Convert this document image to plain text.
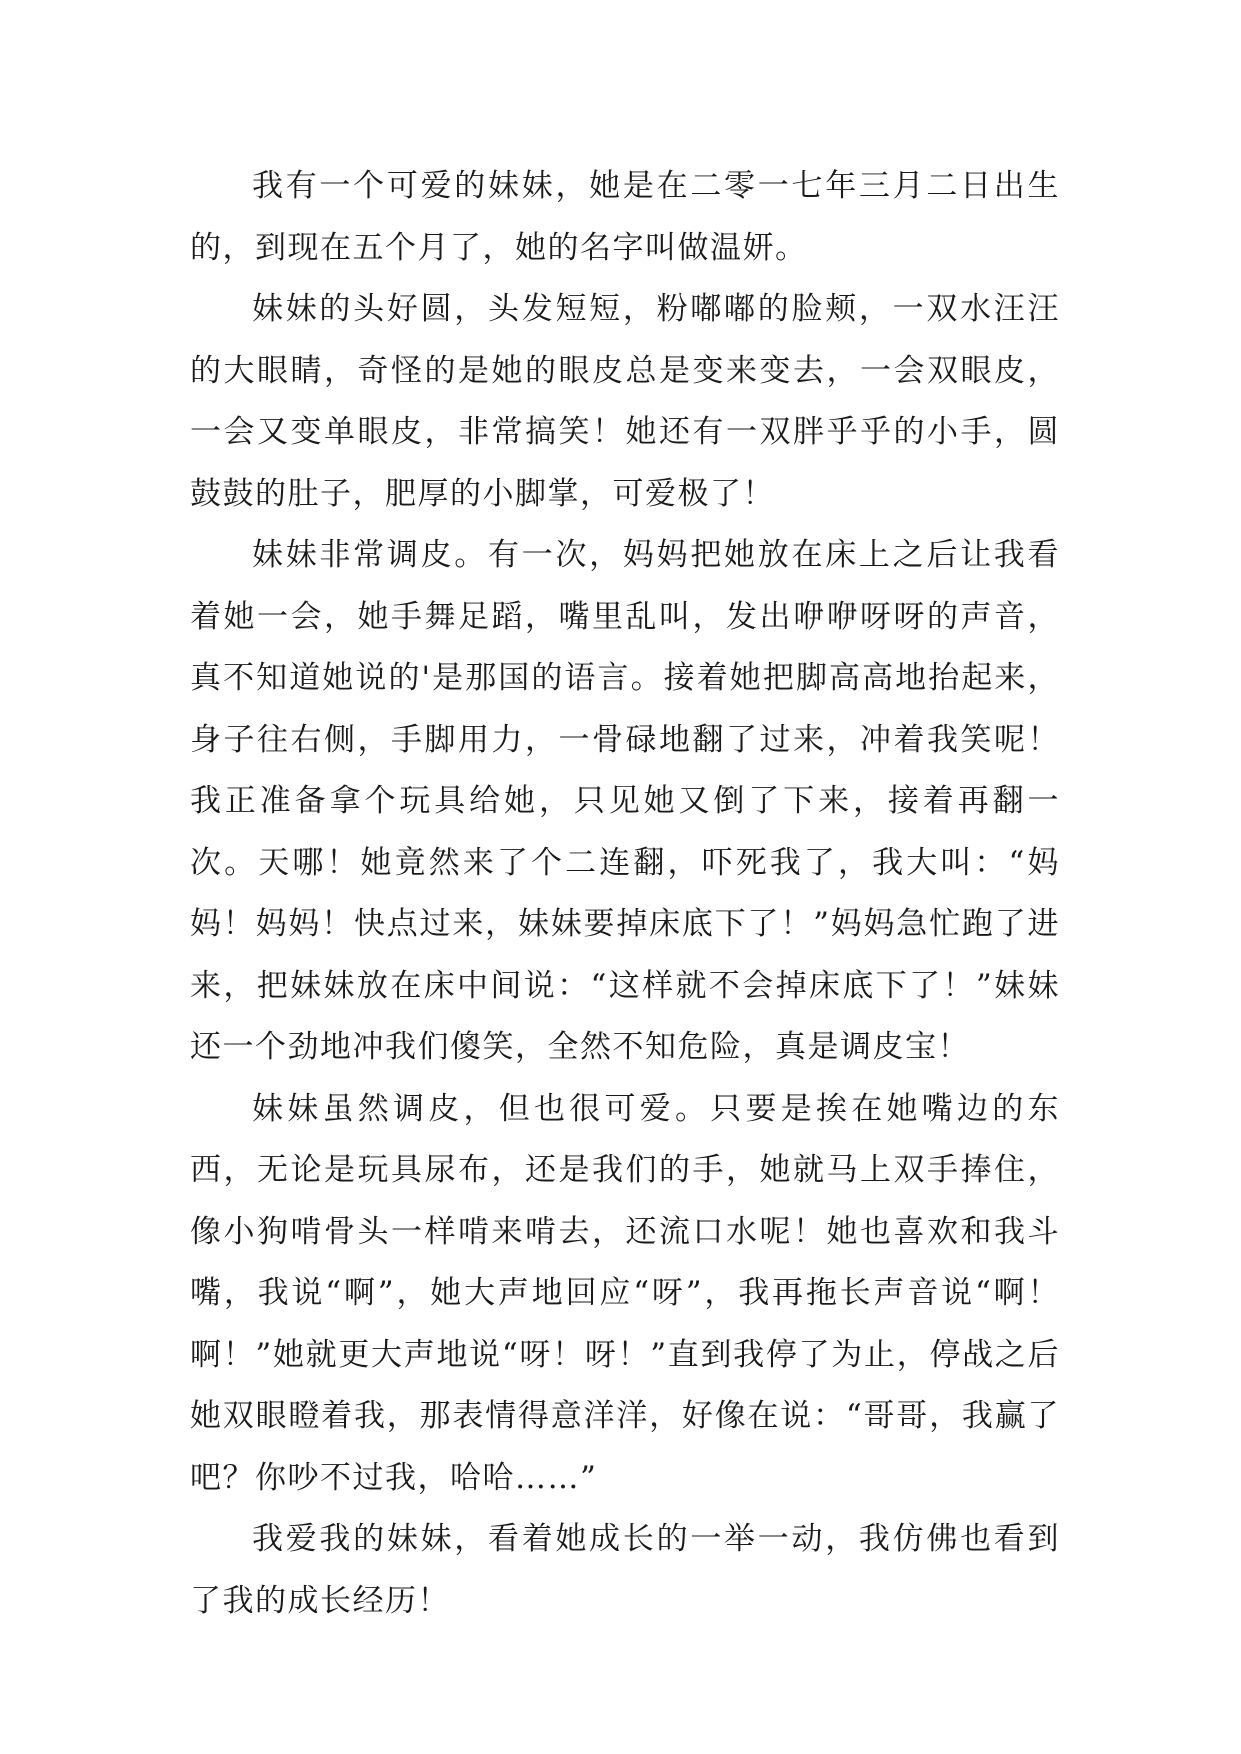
我有一个可爱的妹妹，她是在二零一七年三月二日出生的，到现在五个月了，她的名字叫做温妍。

妹妹的头好圆，头发短短，粉嘟嘟的脸颊，一双水汪汪的大眼睛，奇怪的是她的眼皮总是变来变去，一会双眼皮，一会又变单眼皮，非常搞笑！她还有一双胖乎乎的小手，圆鼓鼓的肚子，肥厚的小脚掌，可爱极了！

妹妹非常调皮。有一次，妈妈把她放在床上之后让我看着她一会，她手舞足蹈，嘴里乱叫，发出咿咿呀呀的声音，真不知道她说的'是那国的语言。接着她把脚高高地抬起来，身子往右侧，手脚用力，一骨碌地翻了过来，冲着我笑呢！我正准备拿个玩具给她，只见她又倒了下来，接着再翻一次。天哪！她竟然来了个二连翻，吓死我了，我大叫：“妈妈！妈妈！快点过来，妹妹要掉床底下了！”妈妈急忙跑了进来，把妹妹放在床中间说：“这样就不会掉床底下了！”妹妹还一个劲地冲我们傻笑，全然不知危险，真是调皮宝！

妹妹虽然调皮，但也很可爱。只要是挨在她嘴边的东西，无论是玩具尿布，还是我们的手，她就马上双手捧住，像小狗啃骨头一样啃来啃去，还流口水呢！她也喜欢和我斗嘴，我说“啊”，她大声地回应“呀”，我再拖长声音说“啊！啊！”她就更大声地说“呀！呀！”直到我停了为止，停战之后她双眼瞪着我，那表情得意洋洋，好像在说：“哥哥，我赢了吧？你吵不过我，哈哈……”

我爱我的妹妹，看着她成长的一举一动，我仿佛也看到了我的成长经历！
